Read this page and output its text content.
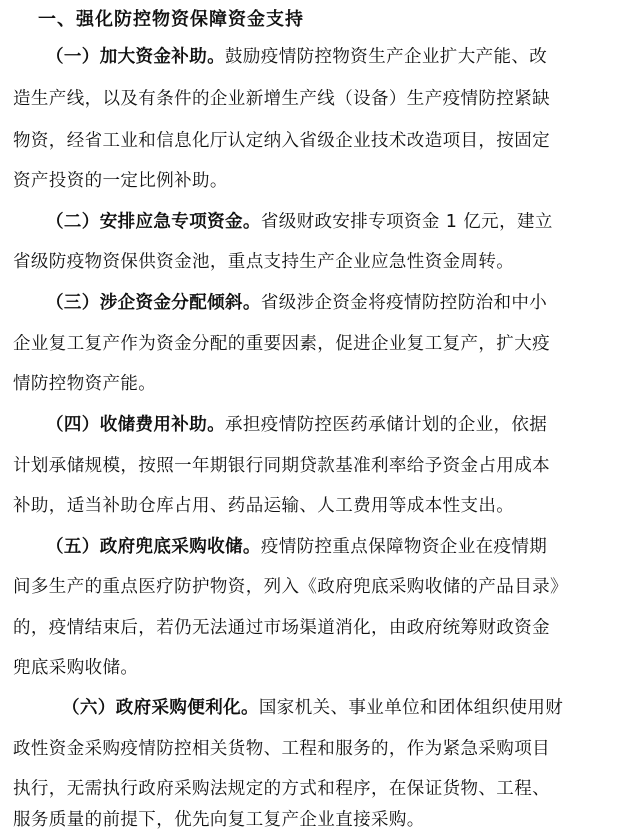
一、强化防控物资保障资金支持
（一）加大资金补助。鼓励疫情防控物资生产企业扩大产能、改
造生产线，以及有条件的企业新增生产线（设备）生产疫情防控紧缺
物资，经省工业和信息化厅认定纳入省级企业技术改造项目，按固定
资产投资的一定比例补助。
（二）安排应急专项资金。省级财政安排专项资金 1 亿元，建立
省级防疫物资保供资金池，重点支持生产企业应急性资金周转。
（三）涉企资金分配倾斜。省级涉企资金将疫情防控防治和中小
企业复工复产作为资金分配的重要因素，促进企业复工复产，扩大疫
情防控物资产能。
（四）收储费用补助。承担疫情防控医药承储计划的企业，依据
计划承储规模，按照一年期银行同期贷款基准利率给予资金占用成本
补助，适当补助仓库占用、药品运输、人工费用等成本性支出。
（五）政府兜底采购收储。疫情防控重点保障物资企业在疫情期
间多生产的重点医疗防护物资，列入《政府兜底采购收储的产品目录》
的，疫情结束后，若仍无法通过市场渠道消化，由政府统筹财政资金
兜底采购收储。
（六）政府采购便利化。国家机关、事业单位和团体组织使用财
政性资金采购疫情防控相关货物、工程和服务的，作为紧急采购项目
执行，无需执行政府采购法规定的方式和程序，在保证货物、工程、
服务质量的前提下，优先向复工复产企业直接采购。
